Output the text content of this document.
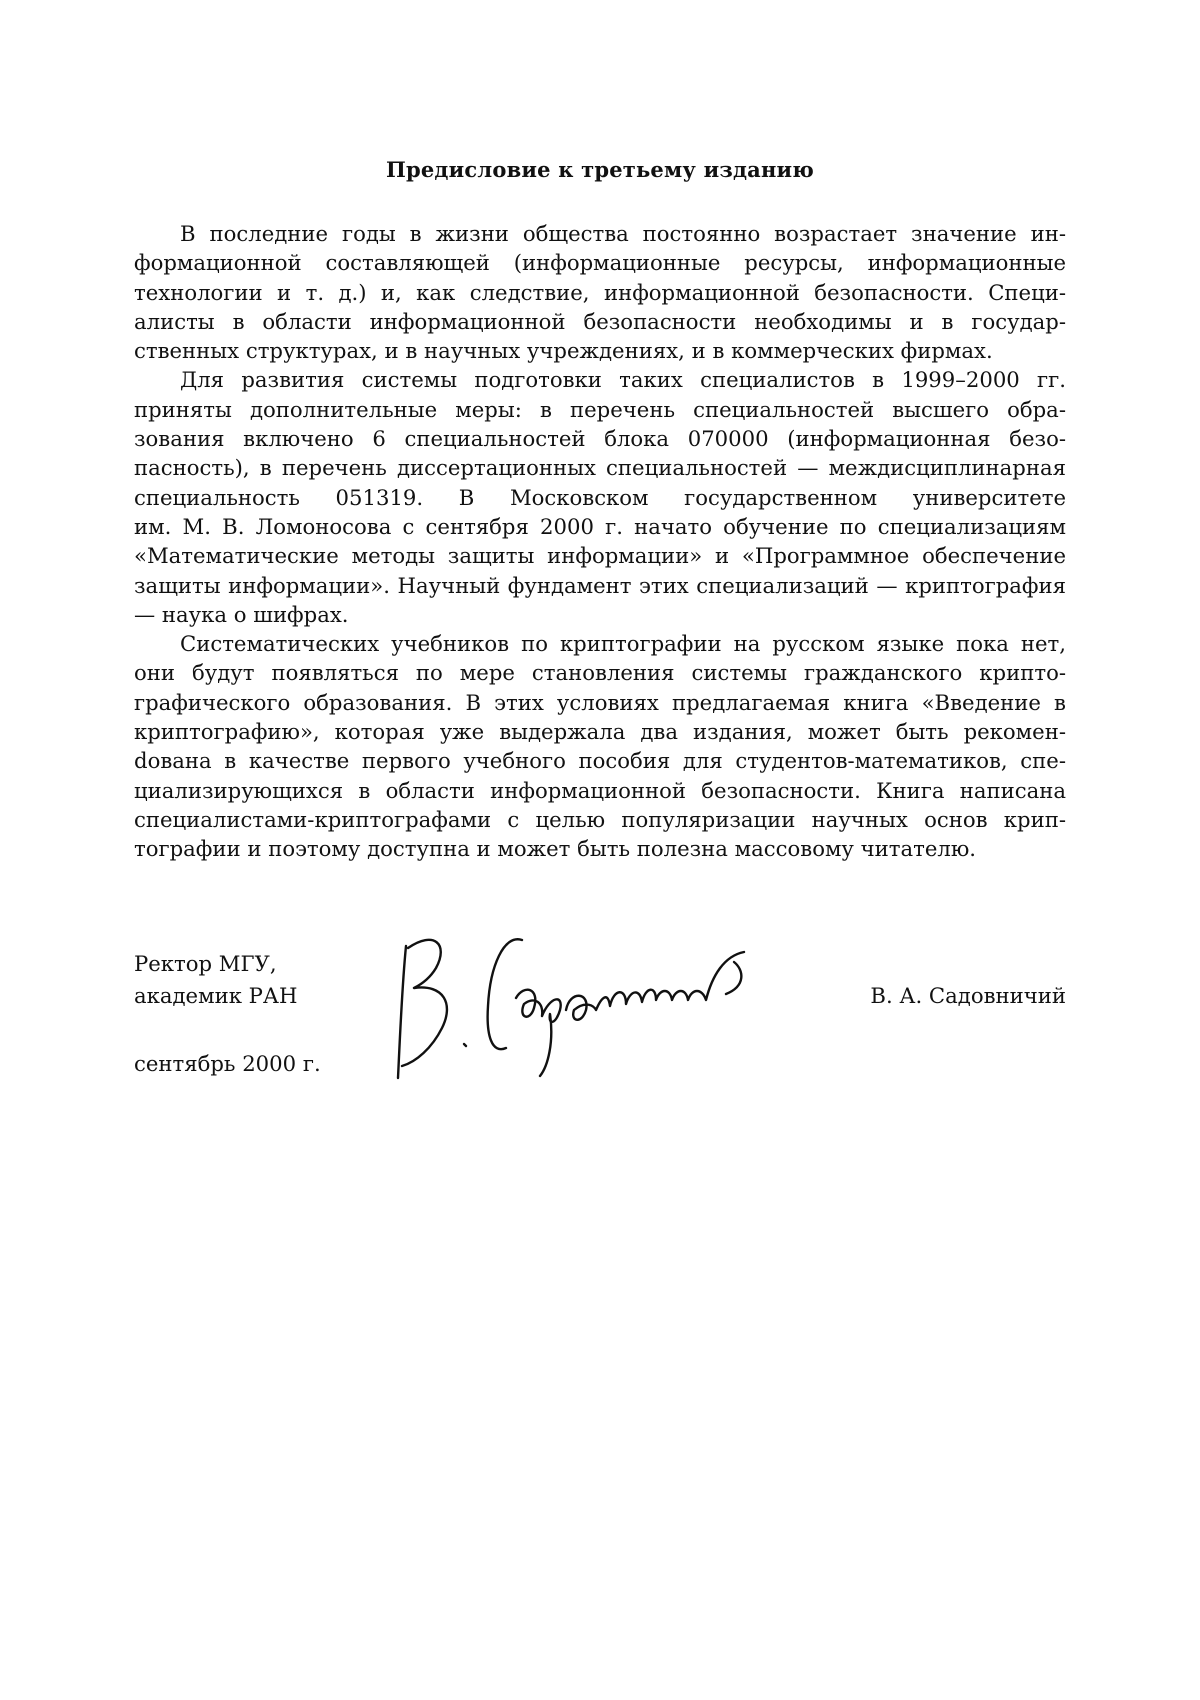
Предисловие к третьему изданию

В последние годы в жизни общества постоянно возрастает значение информационной составляющей (информационные ресурсы, информационные технологии и т. д.) и, как следствие, информационной безопасности. Специалисты в области информационной безопасности необходимы и в государственных структурах, и в научных учреждениях, и в коммерческих фирмах.

Для развития системы подготовки таких специалистов в 1999–2000 гг. приняты дополнительные меры: в перечень специальностей высшего образования включено 6 специальностей блока 070000 (информационная безопасность), в перечень диссертационных специальностей — междисциплинарная специальность 051319. В Московском государственном университете им. М. В. Ломоносова с сентября 2000 г. начато обучение по специализациям «Математические методы защиты информации» и «Программное обеспечение защиты информации». Научный фундамент этих специализаций — криптография — наука о шифрах.

Систематических учебников по криптографии на русском языке пока нет, они будут появляться по мере становления системы гражданского криптографического образования. В этих условиях предлагаемая книга «Введение в криптографию», которая уже выдержала два издания, может быть рекоменdована в качестве первого учебного пособия для студентов-математиков, специализирующихся в области информационной безопасности. Книга написана специалистами-криптографами с целью популяризации научных основ криптографии и поэтому доступна и может быть полезна массовому читателю.

Ректор МГУ,
академик РАН
сентябрь 2000 г.
В. А. Садовничий
